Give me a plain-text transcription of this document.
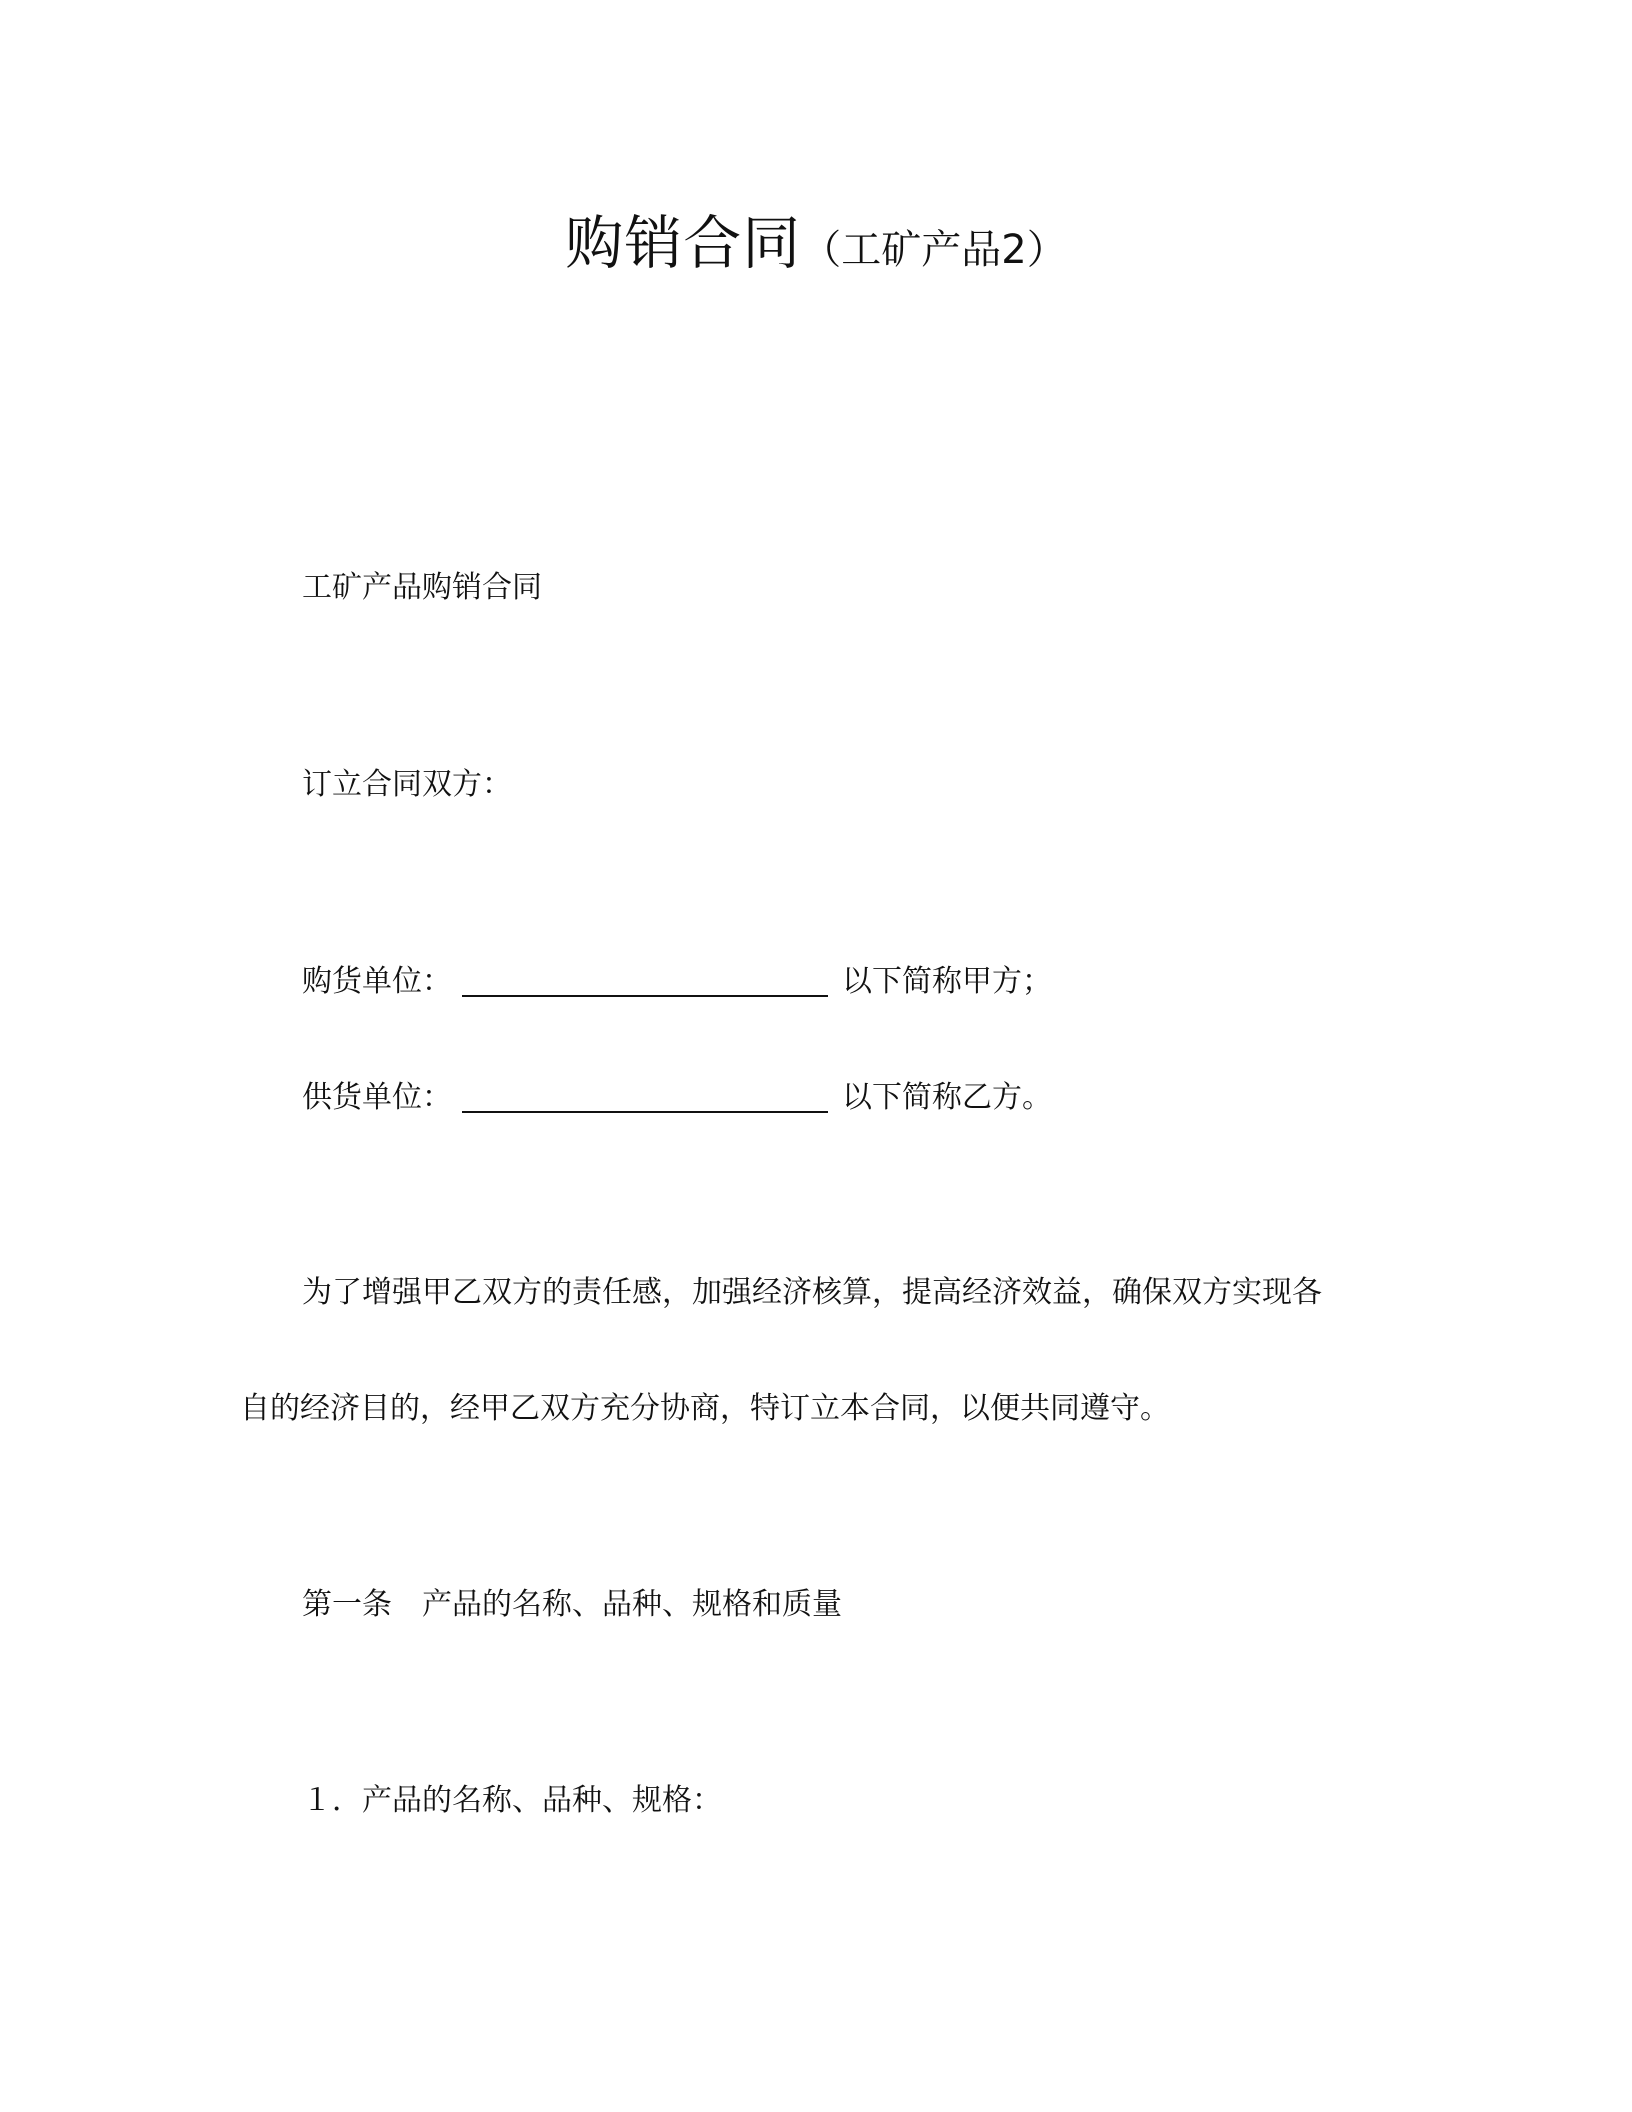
购销合同（工矿产品2）
工矿产品购销合同
订立合同双方：
购货单位：	以下简称甲方；
供货单位：	以下简称乙方。
为了增强甲乙双方的责任感，加强经济核算，提高经济效益，确保双方实现各
自的经济目的，经甲乙双方充分协商，特订立本合同，以便共同遵守。
第一条 产品的名称、品种、规格和质量
１．产品的名称、品种、规格：
